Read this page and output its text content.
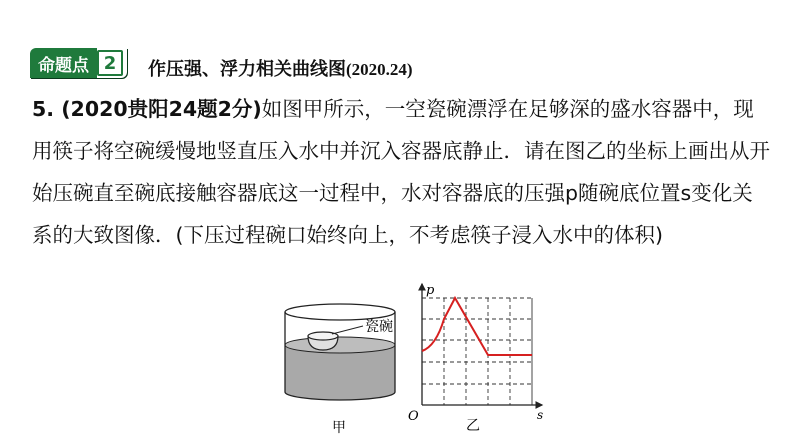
命题点 2	作压强、浮力相关曲线图(2020.24)

5. (2020贵阳24题2分)如图甲所示，一空瓷碗漂浮在足够深的盛水容器中，现用筷子将空碗缓慢地竖直压入水中并沉入容器底静止．请在图乙的坐标上画出从开始压碗直至碗底接触容器底这一过程中，水对容器底的压强p随碗底位置s变化关系的大致图像．(下压过程碗口始终向上，不考虑筷子浸入水中的体积)

瓷碗
甲
p
s
O
乙
